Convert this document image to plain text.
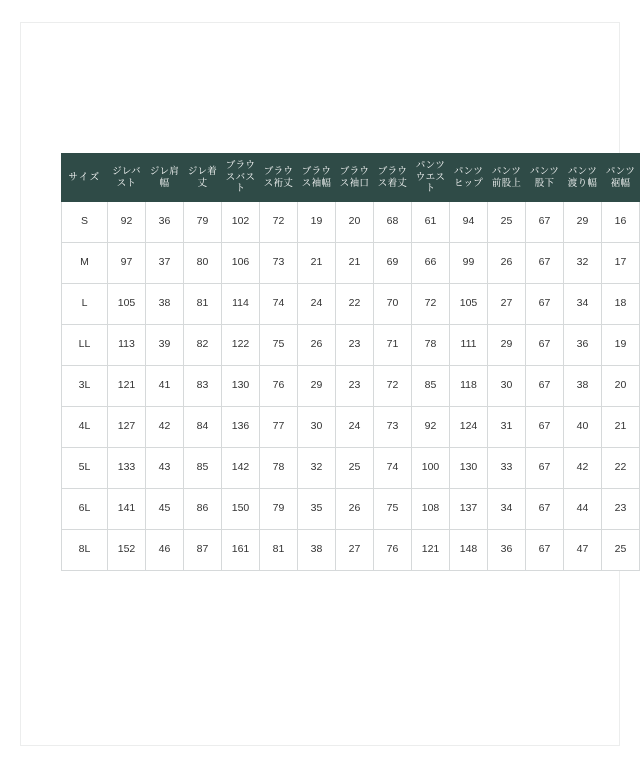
サイズ	ジレバスト	ジレ肩幅	ジレ着丈	ブラウスバスト	ブラウス裄丈	ブラウス袖幅	ブラウス袖口	ブラウス着丈	パンツウエスト	パンツヒップ	パンツ前股上	パンツ股下	パンツ渡り幅	パンツ裾幅
S	92	36	79	102	72	19	20	68	61	94	25	67	29	16
M	97	37	80	106	73	21	21	69	66	99	26	67	32	17
L	105	38	81	114	74	24	22	70	72	105	27	67	34	18
LL	113	39	82	122	75	26	23	71	78	111	29	67	36	19
3L	121	41	83	130	76	29	23	72	85	118	30	67	38	20
4L	127	42	84	136	77	30	24	73	92	124	31	67	40	21
5L	133	43	85	142	78	32	25	74	100	130	33	67	42	22
6L	141	45	86	150	79	35	26	75	108	137	34	67	44	23
8L	152	46	87	161	81	38	27	76	121	148	36	67	47	25
